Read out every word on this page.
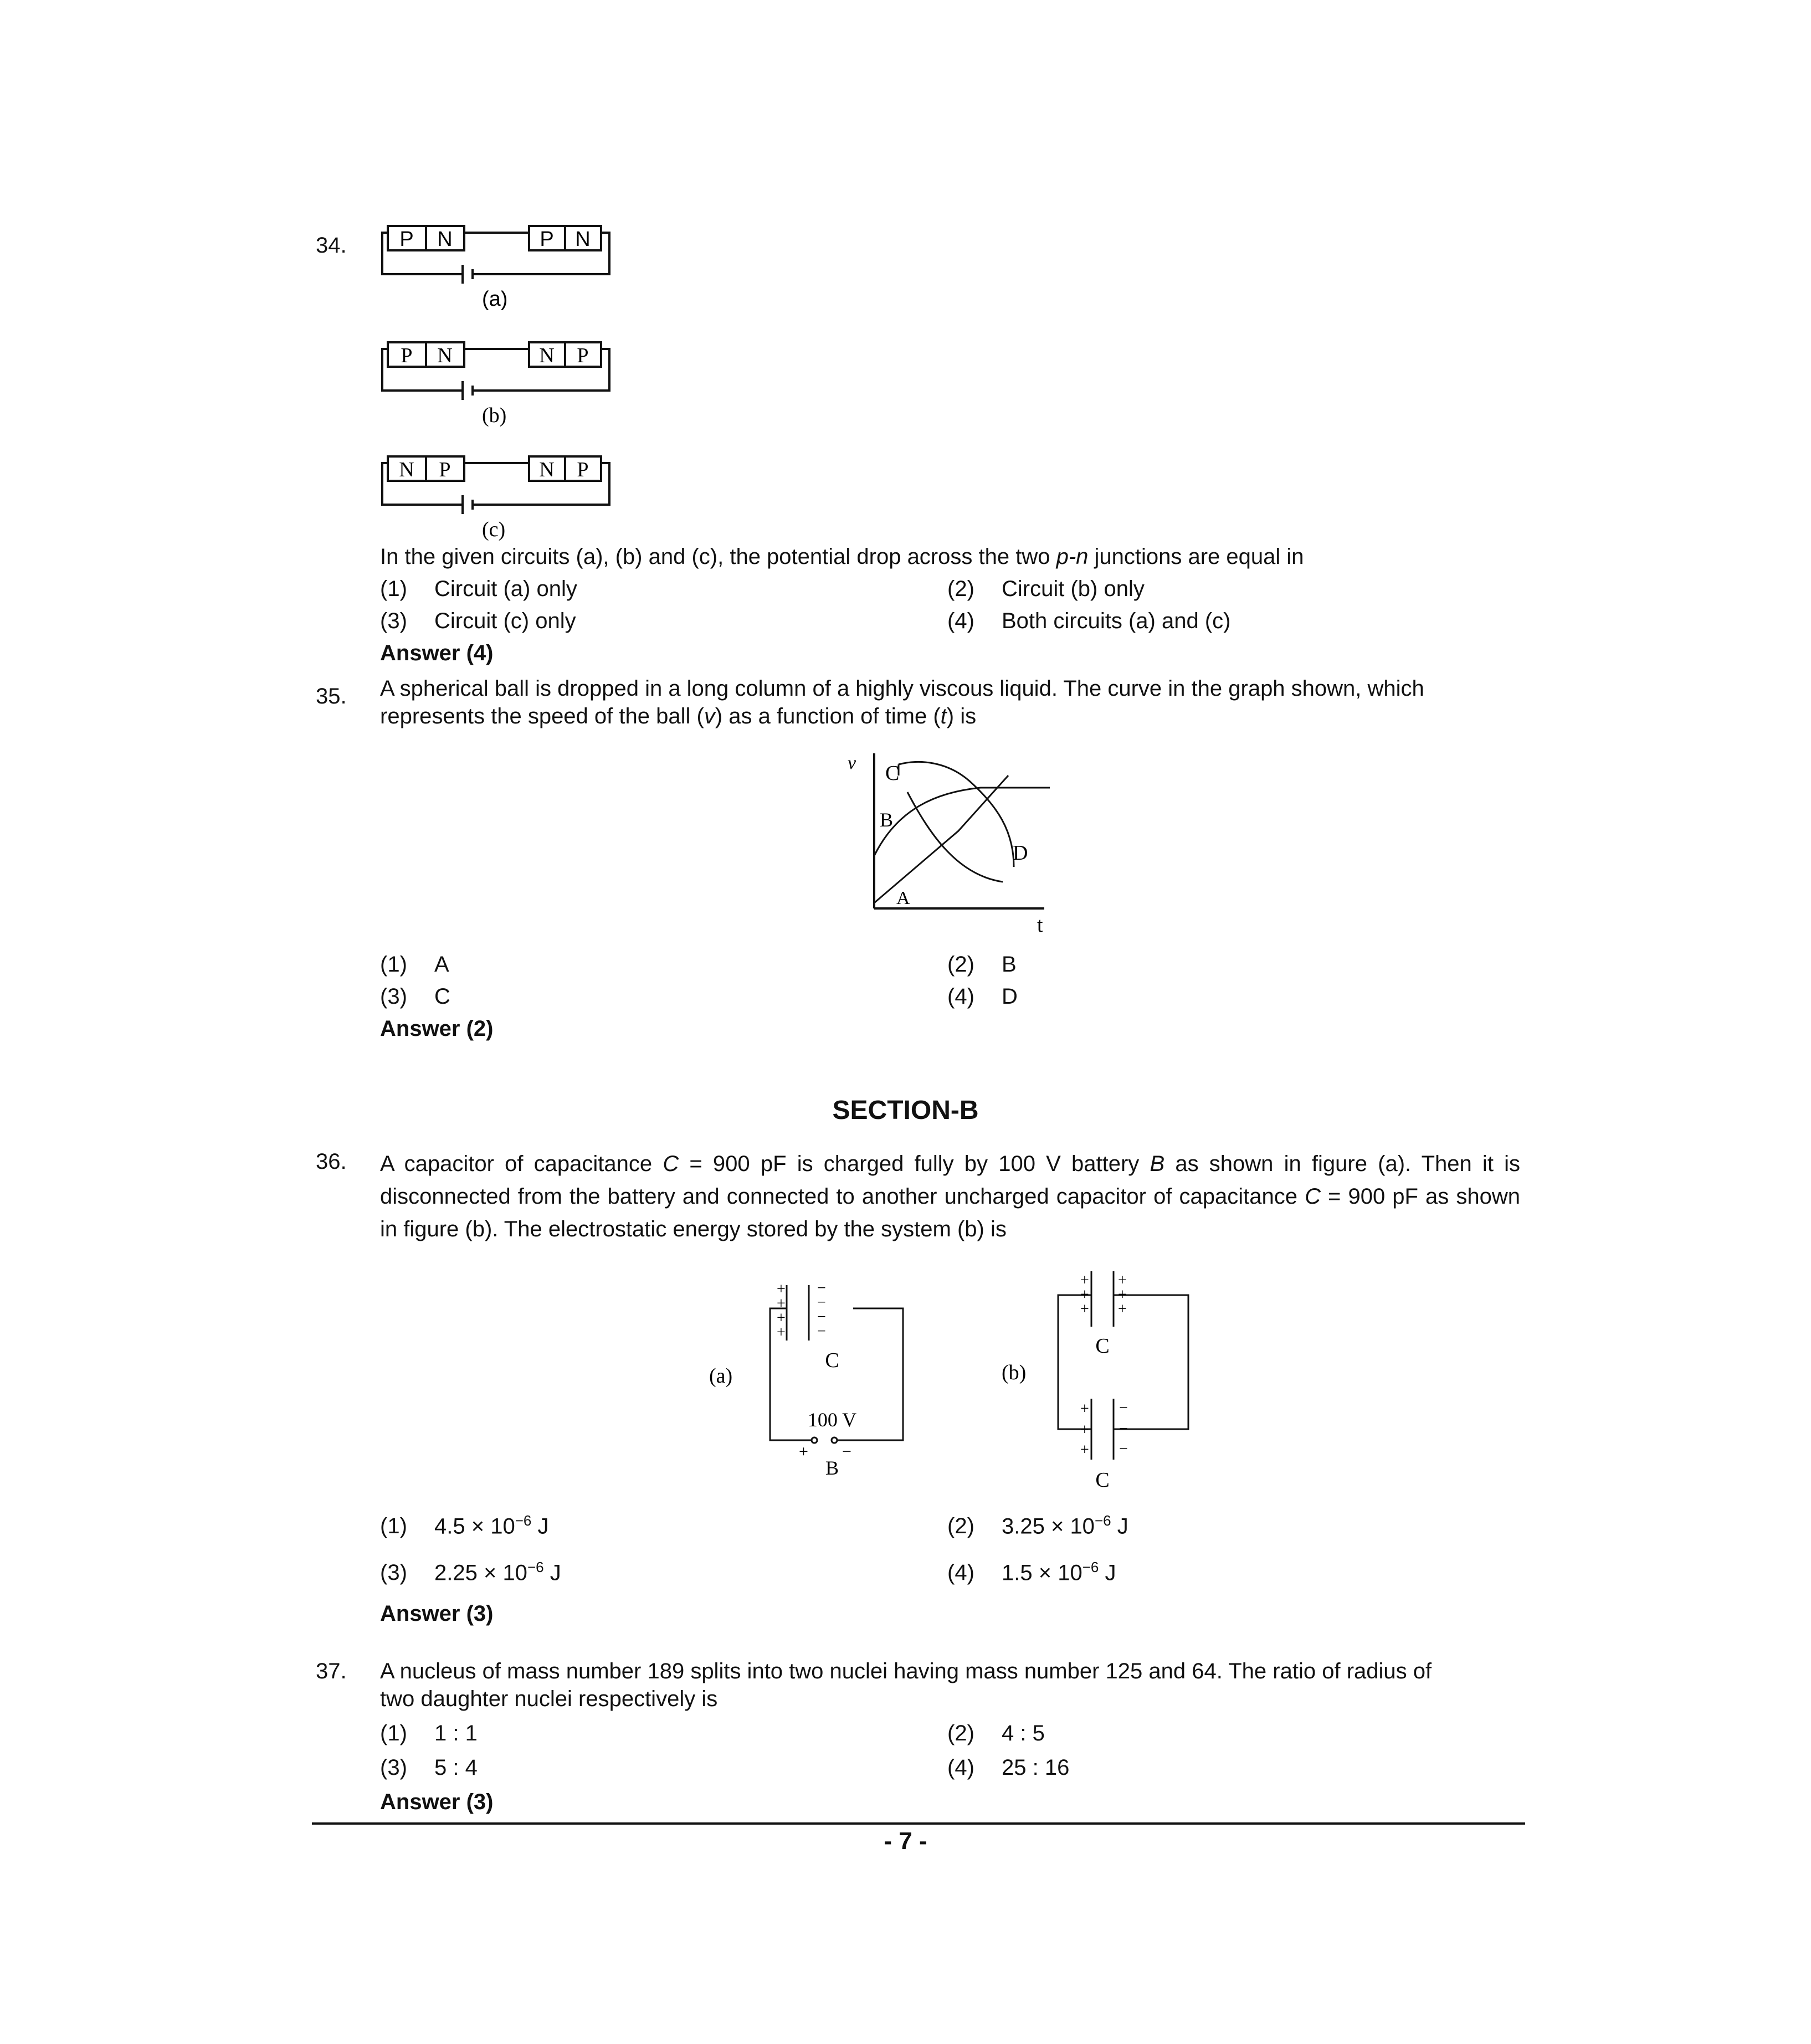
34.	P N	P N
(a)
P N	N P
(b)
N P	N P
(c)
In the given circuits (a), (b) and (c), the potential drop across the two p-n junctions are equal in
(1) Circuit (a) only	(2) Circuit (b) only
(3) Circuit (c) only	(4) Both circuits (a) and (c)
Answer (4)
35. A spherical ball is dropped in a long column of a highly viscous liquid. The curve in the graph shown, which
represents the speed of the ball (v) as a function of time (t) is
v
t
C
B
A
D
(1) A	(2) B
(3) C	(4) D
Answer (2)
SECTION-B
36. A capacitor of capacitance C = 900 pF is charged fully by 100 V battery B as shown in figure (a). Then it is disconnected from the battery and connected to another uncharged capacitor of capacitance C = 900 pF as shown in figure (b). The electrostatic energy stored by the system (b) is
+
+
+
+
−
−
−
−
C
100 V
+ −
B
(a)
+
+
+
+
+
+
+
+
+
−
−
−
C
C
(b)
(1) $4.5 \times 10^{-6}$ J	(2) $3.25 \times 10^{-6}$ J
(3) $2.25 \times 10^{-6}$ J	(4) $1.5 \times 10^{-6}$ J
Answer (3)
37. A nucleus of mass number 189 splits into two nuclei having mass number 125 and 64. The ratio of radius of
two daughter nuclei respectively is
(1) 1 : 1	(2) 4 : 5
(3) 5 : 4	(4) 25 : 16
Answer (3)
- 7 -
